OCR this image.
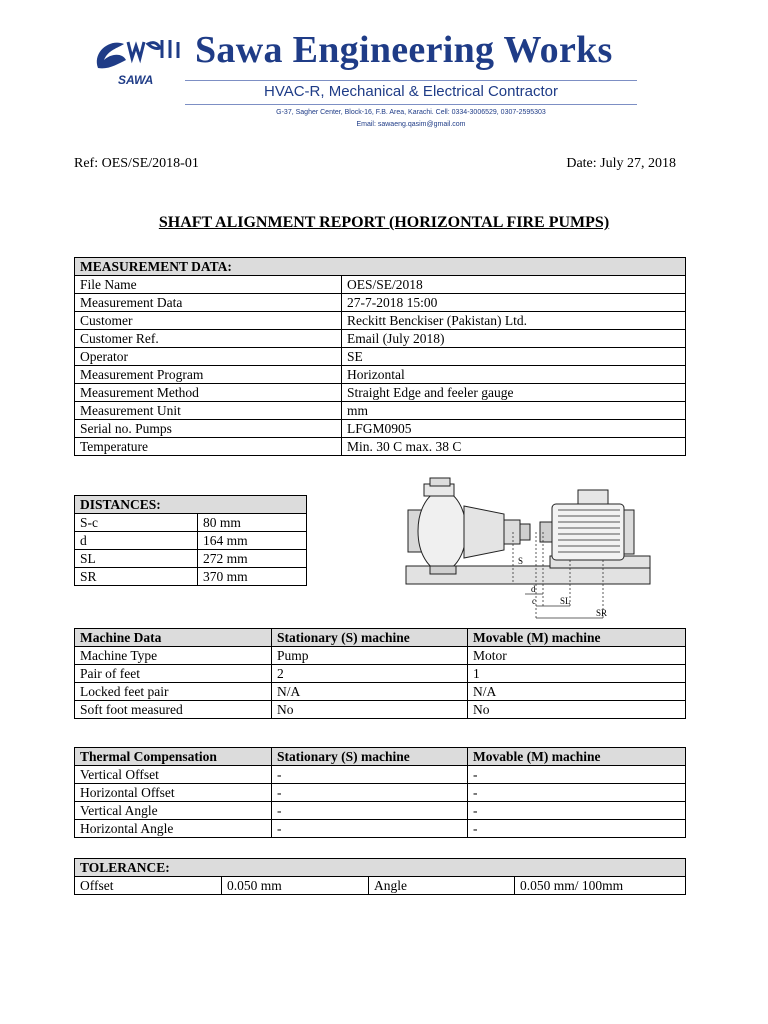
SAWA
Sawa Engineering Works
HVAC-R, Mechanical & Electrical Contractor
G-37, Sagher Center, Block-16, F.B. Area, Karachi. Cell: 0334-3006529, 0307-2595303
Email: sawaeng.qasim@gmail.com
Ref: OES/SE/2018-01	Date: July 27, 2018
SHAFT ALIGNMENT REPORT (HORIZONTAL FIRE PUMPS)
MEASUREMENT DATA:	
File Name	OES/SE/2018
Measurement Data	27-7-2018 15:00
Customer	Reckitt Benckiser (Pakistan) Ltd.
Customer Ref.	Email (July 2018)
Operator	SE
Measurement Program	Horizontal
Measurement Method	Straight Edge and feeler gauge
Measurement Unit	mm
Serial no. Pumps	LFGM0905
Temperature	Min. 30 C max. 38 C
DISTANCES:	
S-c	80 mm
d	164 mm
SL	272 mm
SR	370 mm
S
d
c	SL
SR
Machine Data	Stationary (S) machine	Movable (M) machine
Machine Type	Pump	Motor
Pair of feet	2	1
Locked feet pair	N/A	N/A
Soft foot measured	No	No
Thermal Compensation	Stationary (S) machine	Movable (M) machine
Vertical Offset	-	-
Horizontal Offset	-	-
Vertical Angle	-	-
Horizontal Angle	-	-
TOLERANCE:
Offset	0.050 mm	Angle	0.050 mm/ 100mm
